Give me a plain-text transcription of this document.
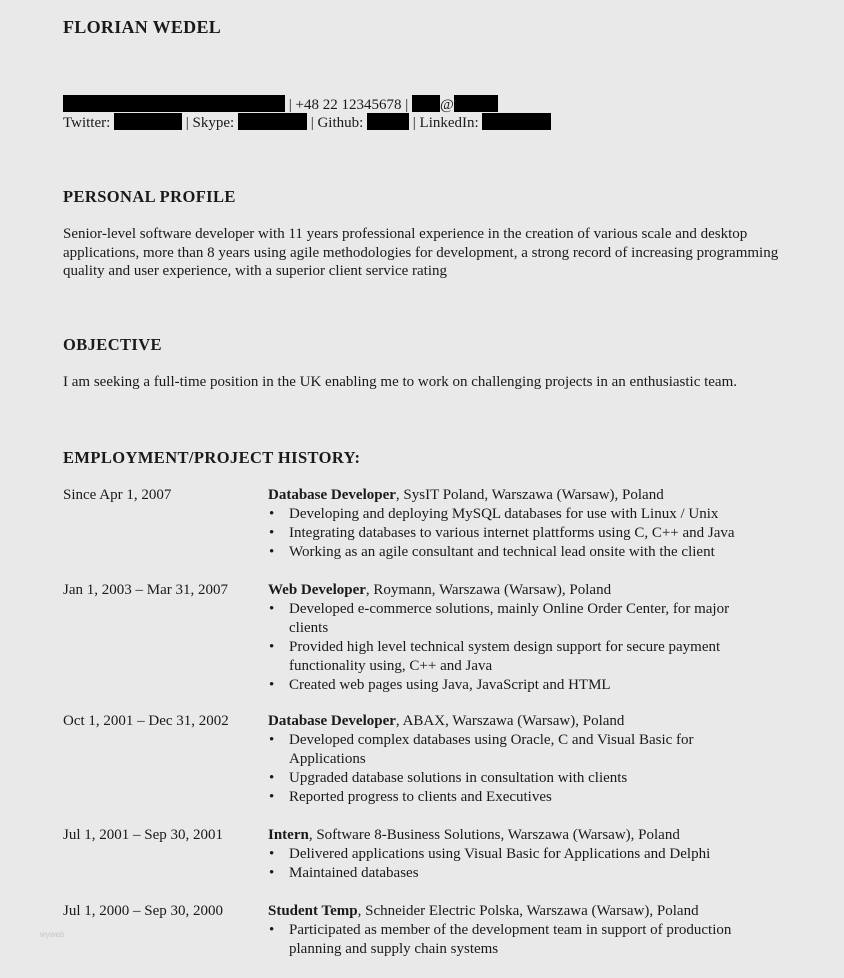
FLORIAN WEDEL
| +48 22 12345678 | @
Twitter:	| Skype:	| Github:	| LinkedIn:
PERSONAL PROFILE
Senior-level software developer with 11 years professional experience in the creation of various scale and desktop applications, more than 8 years using agile methodologies for development, a strong record of increasing programming quality and user experience, with a superior client service rating
OBJECTIVE
I am seeking a full-time position in the UK enabling me to work on challenging projects in an enthusiastic team.
EMPLOYMENT/PROJECT HISTORY:
Since Apr 1, 2007	Database Developer, SysIT Poland, Warszawa (Warsaw), Poland
• Developing and deploying MySQL databases for use with Linux / Unix
• Integrating databases to various internet plattforms using C, C++ and Java
• Working as an agile consultant and technical lead onsite with the client
Jan 1, 2003 – Mar 31, 2007	Web Developer, Roymann, Warszawa (Warsaw), Poland
• Developed e-commerce solutions, mainly Online Order Center, for major clients
• Provided high level technical system design support for secure payment functionality using, C++ and Java
• Created web pages using Java, JavaScript and HTML
Oct 1, 2001 – Dec 31, 2002	Database Developer, ABAX, Warszawa (Warsaw), Poland
• Developed complex databases using Oracle, C and Visual Basic for Applications
• Upgraded database solutions in consultation with clients
• Reported progress to clients and Executives
Jul 1, 2001 – Sep 30, 2001	Intern, Software 8-Business Solutions, Warszawa (Warsaw), Poland
• Delivered applications using Visual Basic for Applications and Delphi
• Maintained databases
Jul 1, 2000 – Sep 30, 2000	Student Temp, Schneider Electric Polska, Warszawa (Warsaw), Poland
• Participated as member of the development team in support of production planning and supply chain systems
wyweb
